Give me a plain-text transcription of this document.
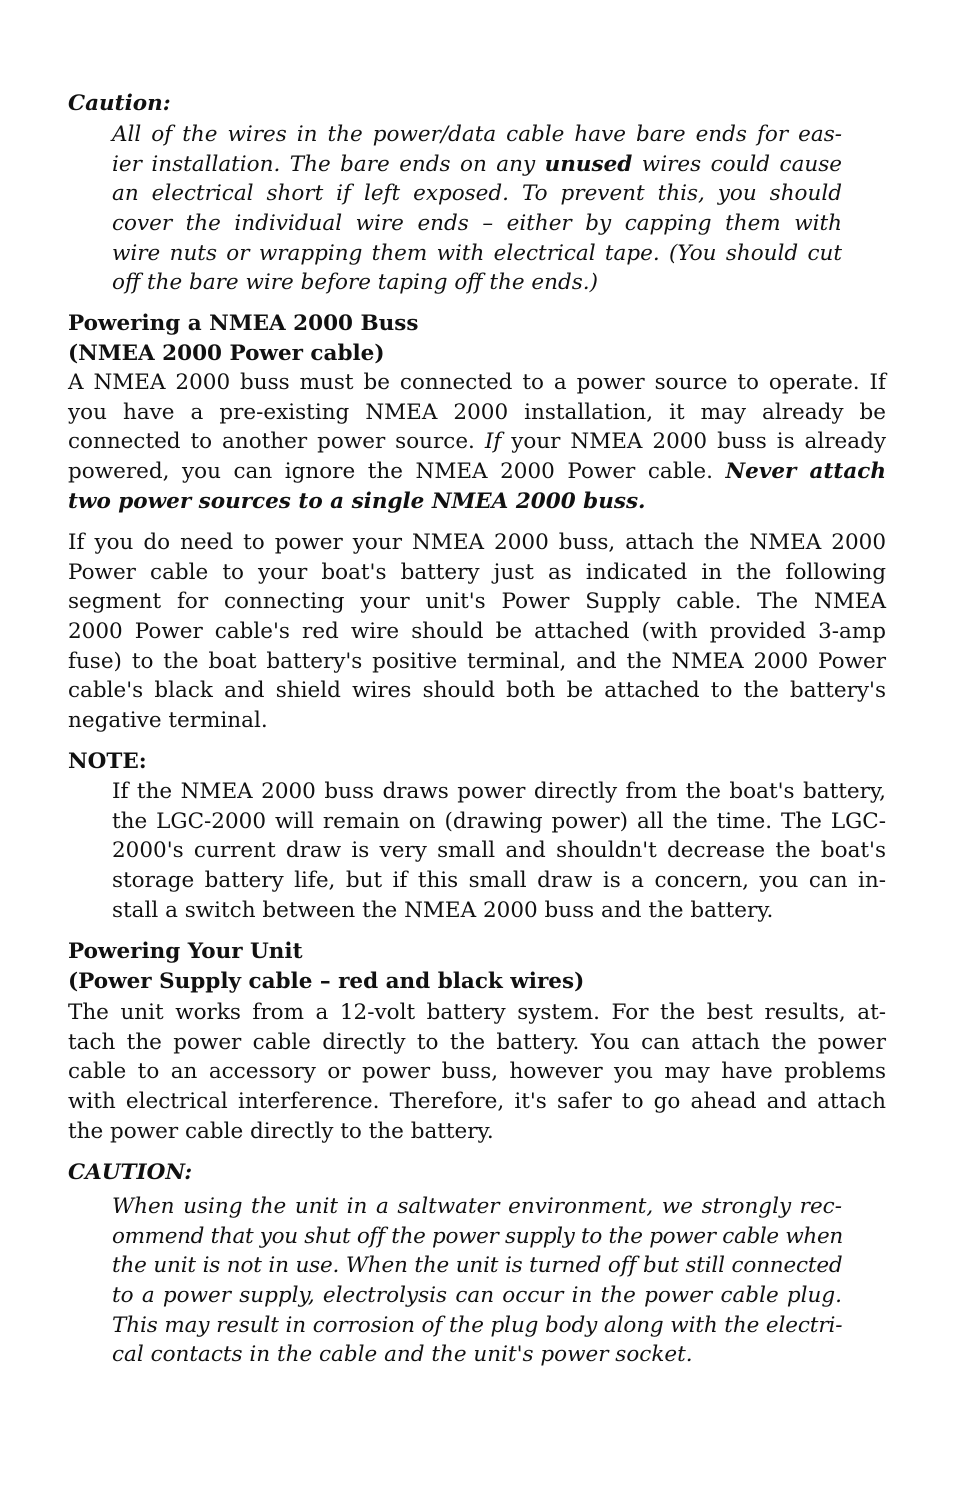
Caution:
All of the wires in the power/data cable have bare ends for eas-
ier installation. The bare ends on any unused wires could cause
an electrical short if left exposed. To prevent this, you should
cover the individual wire ends – either by capping them with
wire nuts or wrapping them with electrical tape. (You should cut
off the bare wire before taping off the ends.)
Powering a NMEA 2000 Buss
(NMEA 2000 Power cable)
A NMEA 2000 buss must be connected to a power source to operate. If
you have a pre-existing NMEA 2000 installation, it may already be
connected to another power source. If your NMEA 2000 buss is already
powered, you can ignore the NMEA 2000 Power cable. Never attach
two power sources to a single NMEA 2000 buss.
If you do need to power your NMEA 2000 buss, attach the NMEA 2000
Power cable to your boat's battery just as indicated in the following
segment for connecting your unit's Power Supply cable. The NMEA
2000 Power cable's red wire should be attached (with provided 3-amp
fuse) to the boat battery's positive terminal, and the NMEA 2000 Power
cable's black and shield wires should both be attached to the battery's
negative terminal.
NOTE:
If the NMEA 2000 buss draws power directly from the boat's battery,
the LGC-2000 will remain on (drawing power) all the time. The LGC-
2000's current draw is very small and shouldn't decrease the boat's
storage battery life, but if this small draw is a concern, you can in-
stall a switch between the NMEA 2000 buss and the battery.
Powering Your Unit
(Power Supply cable – red and black wires)
The unit works from a 12-volt battery system. For the best results, at-
tach the power cable directly to the battery. You can attach the power
cable to an accessory or power buss, however you may have problems
with electrical interference. Therefore, it's safer to go ahead and attach
the power cable directly to the battery.
CAUTION:
When using the unit in a saltwater environment, we strongly rec-
ommend that you shut off the power supply to the power cable when
the unit is not in use. When the unit is turned off but still connected
to a power supply, electrolysis can occur in the power cable plug.
This may result in corrosion of the plug body along with the electri-
cal contacts in the cable and the unit's power socket.
